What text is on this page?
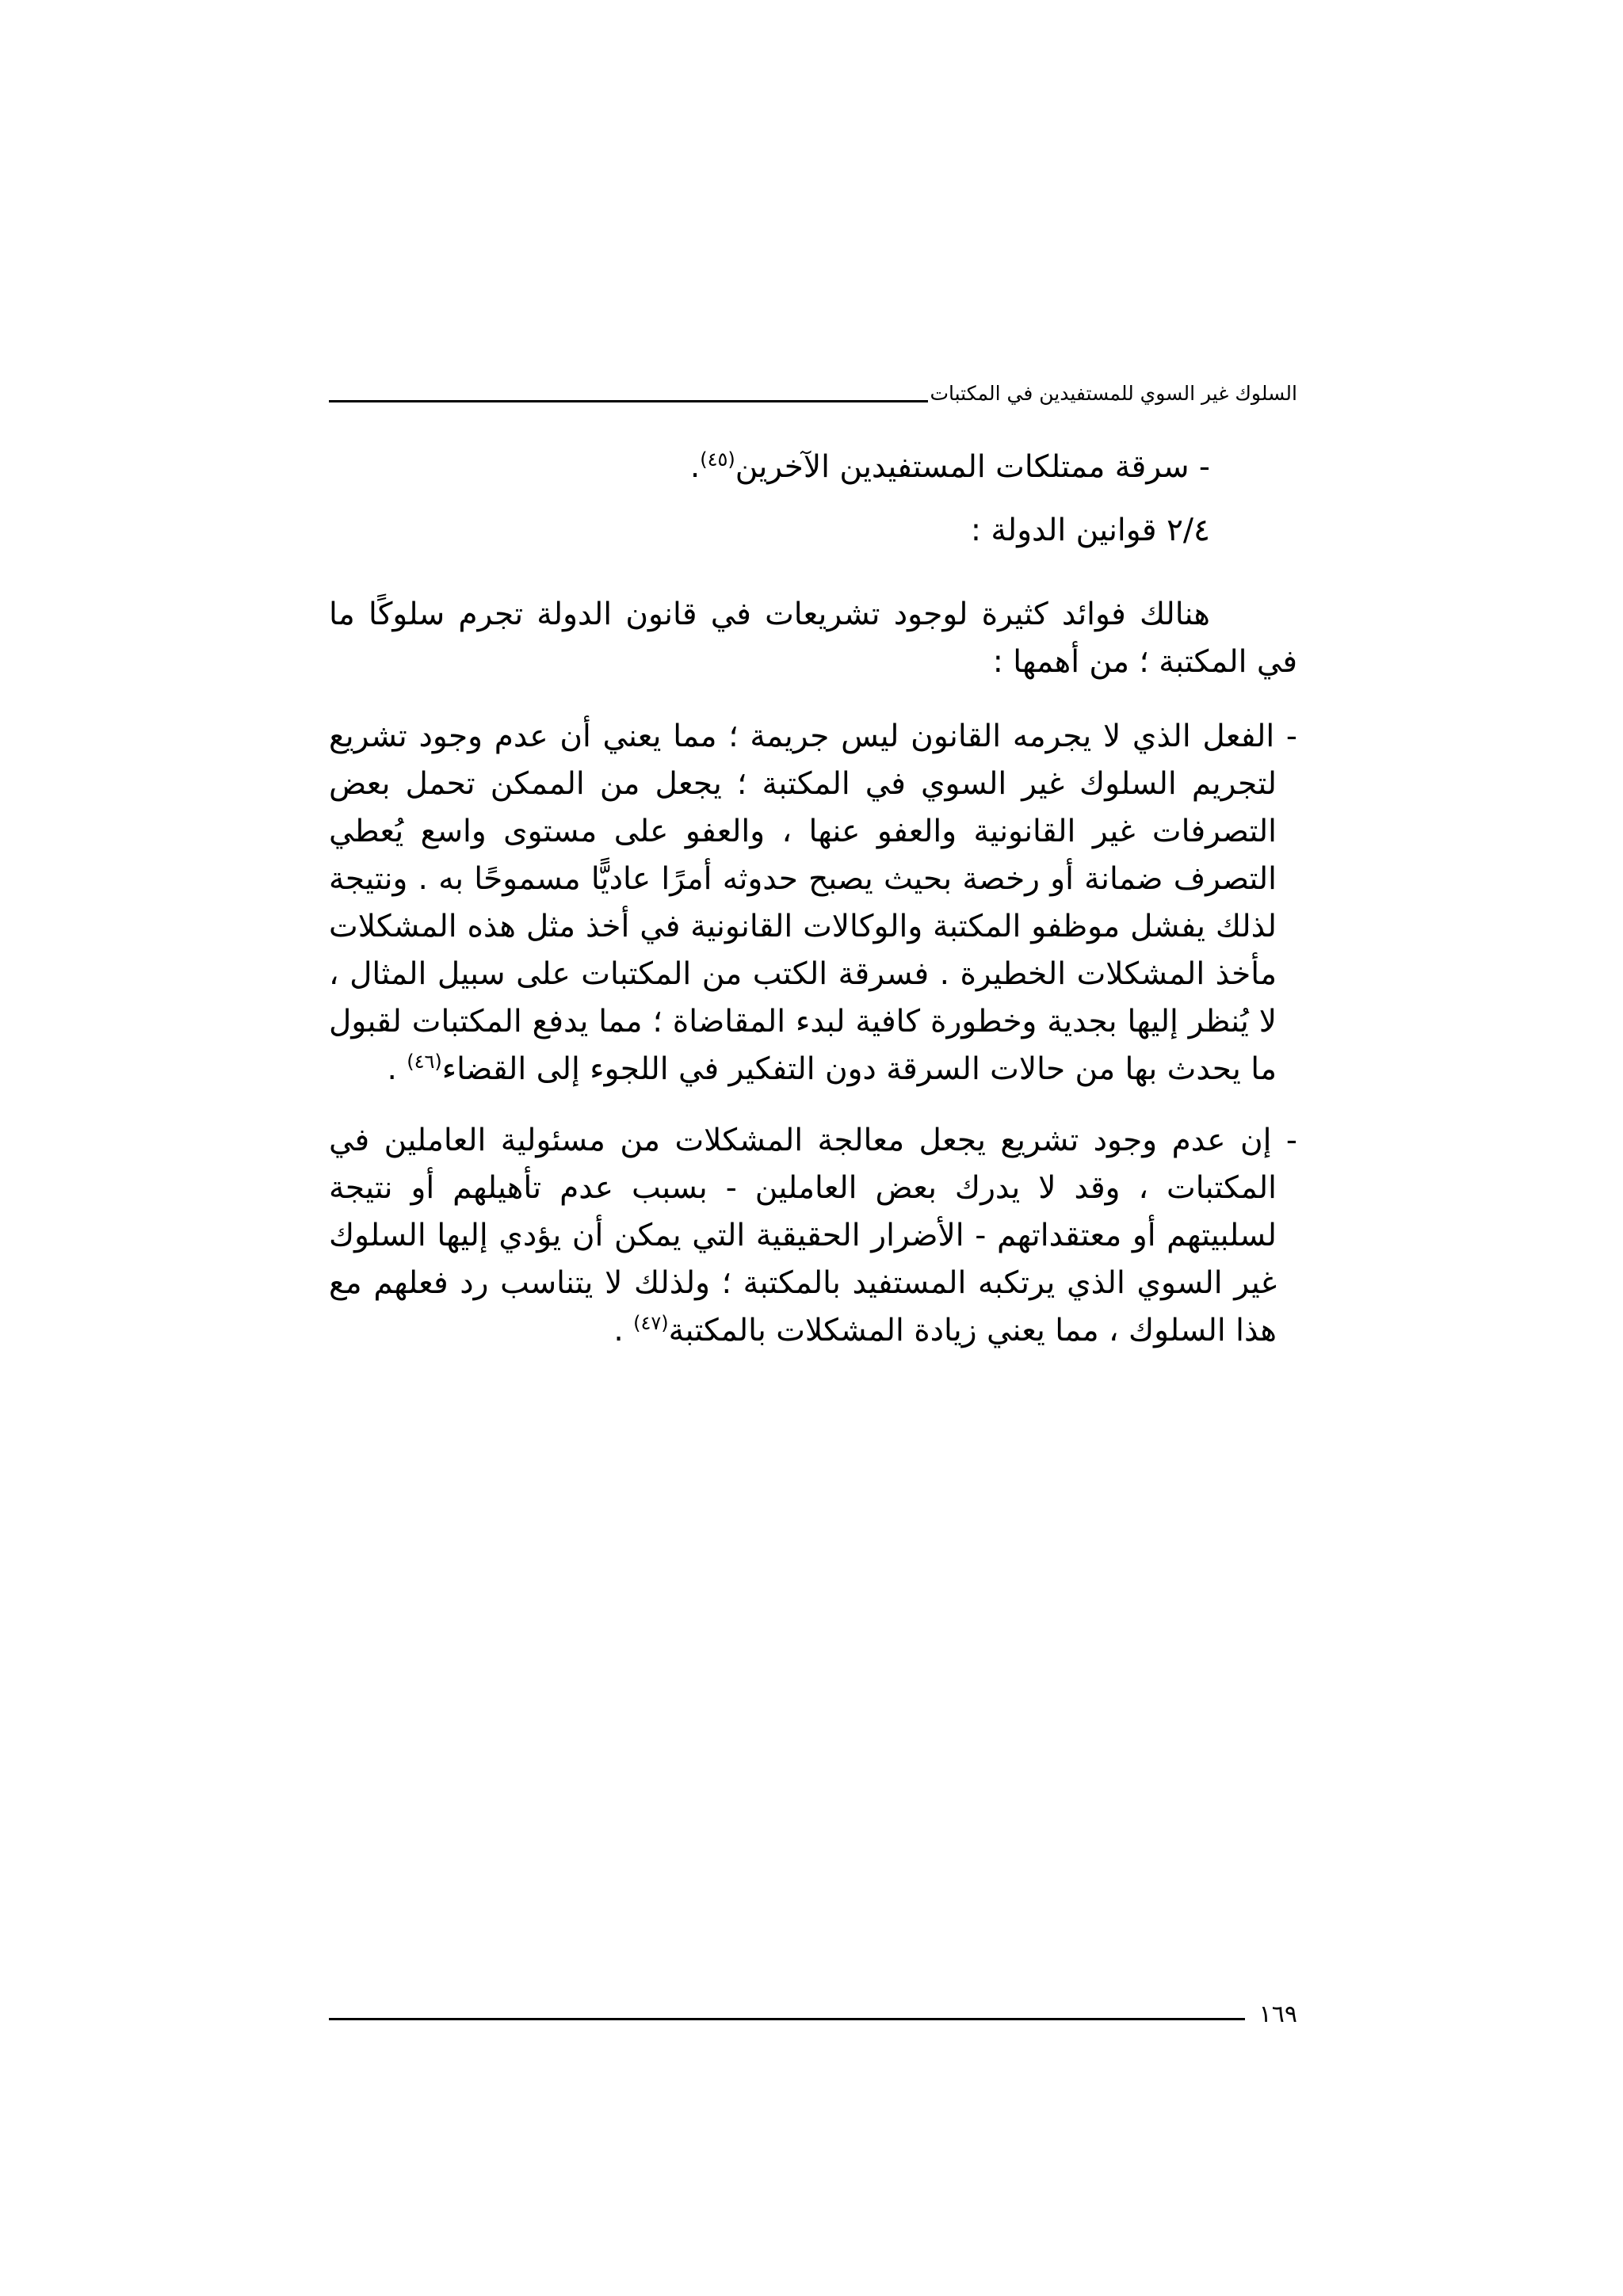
السلوك غير السوي للمستفيدين في المكتبات

- سرقة ممتلكات المستفيدين الآخرين$^{(٤٥)}$.

٢/٤ قوانين الدولة :

هنالك فوائد كثيرة لوجود تشريعات في قانون الدولة تجرم سلوكًا ما في المكتبة ؛ من أهمها :

- الفعل الذي لا يجرمه القانون ليس جريمة ؛ مما يعني أن عدم وجود تشريع لتجريم السلوك غير السوي في المكتبة ؛ يجعل من الممكن تحمل بعض التصرفات غير القانونية والعفو عنها ، والعفو على مستوى واسع يُعطي التصرف ضمانة أو رخصة بحيث يصبح حدوثه أمرًا عاديًّا مسموحًا به . ونتيجة لذلك يفشل موظفو المكتبة والوكالات القانونية في أخذ مثل هذه المشكلات مأخذ المشكلات الخطيرة . فسرقة الكتب من المكتبات على سبيل المثال ، لا يُنظر إليها بجدية وخطورة كافية لبدء المقاضاة ؛ مما يدفع المكتبات لقبول ما يحدث بها من حالات السرقة دون التفكير في اللجوء إلى القضاء$^{(٤٦)}$ .

- إن عدم وجود تشريع يجعل معالجة المشكلات من مسئولية العاملين في المكتبات ، وقد لا يدرك بعض العاملين - بسبب عدم تأهيلهم أو نتيجة لسلبيتهم أو معتقداتهم - الأضرار الحقيقية التي يمكن أن يؤدي إليها السلوك غير السوي الذي يرتكبه المستفيد بالمكتبة ؛ ولذلك لا يتناسب رد فعلهم مع هذا السلوك ، مما يعني زيادة المشكلات بالمكتبة$^{(٤٧)}$ .

١٦٩
